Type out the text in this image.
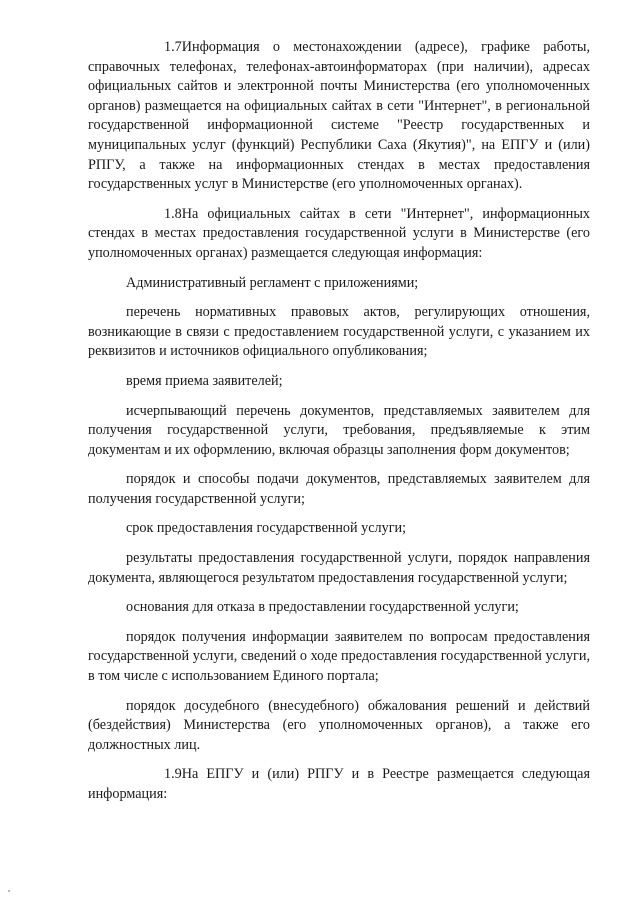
1.7Информация о местонахождении (адресе), графике работы, справочных телефонах, телефонах-автоинформаторах (при наличии), адресах официальных сайтов и электронной почты Министерства (его уполномоченных органов) размещается на официальных сайтах в сети "Интернет", в региональной государственной информационной системе "Реестр государственных и муниципальных услуг (функций) Республики Саха (Якутия)", на ЕПГУ и (или) РПГУ, а также на информационных стендах в местах предоставления государственных услуг в Министерстве (его уполномоченных органах).

1.8На официальных сайтах в сети "Интернет", информационных стендах в местах предоставления государственной услуги в Министерстве (его уполномоченных органах) размещается следующая информация:

Административный регламент с приложениями;

перечень нормативных правовых актов, регулирующих отношения, возникающие в связи с предоставлением государственной услуги, с указанием их реквизитов и источников официального опубликования;

время приема заявителей;

исчерпывающий перечень документов, представляемых заявителем для получения государственной услуги, требования, предъявляемые к этим документам и их оформлению, включая образцы заполнения форм документов;

порядок и способы подачи документов, представляемых заявителем для получения государственной услуги;

срок предоставления государственной услуги;

результаты предоставления государственной услуги, порядок направления документа, являющегося результатом предоставления государственной услуги;

основания для отказа в предоставлении государственной услуги;

порядок получения информации заявителем по вопросам предоставления государственной услуги, сведений о ходе предоставления государственной услуги, в том числе с использованием Единого портала;

порядок досудебного (внесудебного) обжалования решений и действий (бездействия) Министерства (его уполномоченных органов), а также его должностных лиц.

1.9На ЕПГУ и (или) РПГУ и в Реестре размещается следующая информация:
